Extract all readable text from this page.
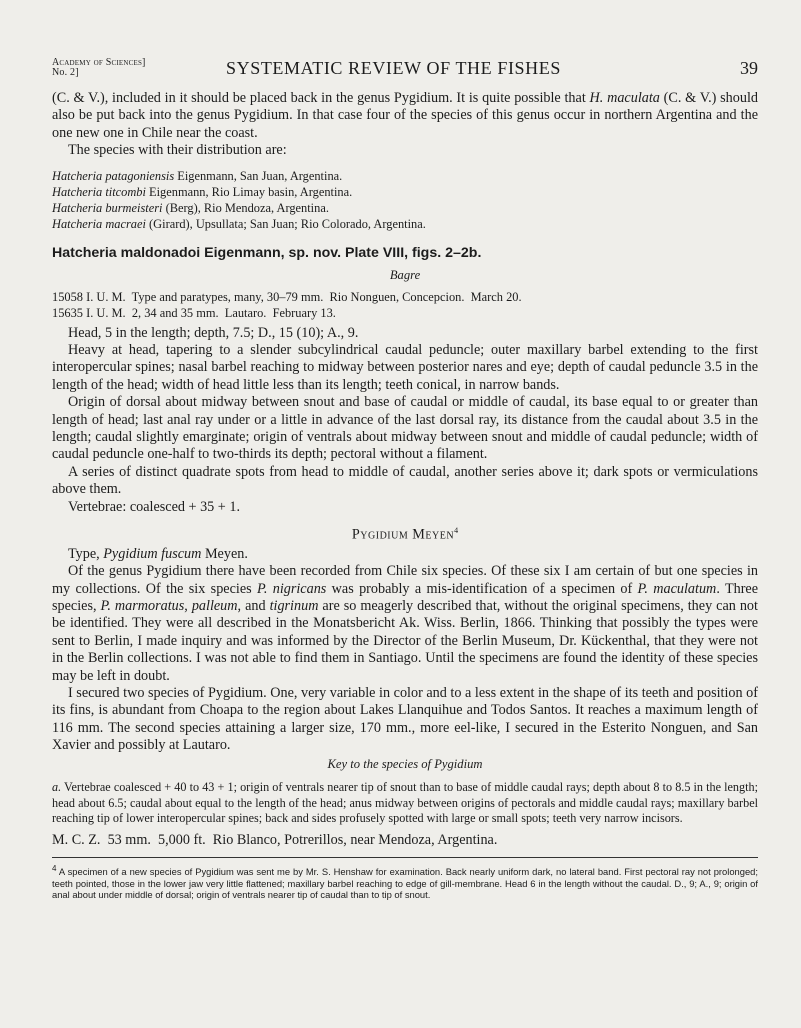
Academy of Sciences]
No. 2]	SYSTEMATIC REVIEW OF THE FISHES	39

(C. & V.), included in it should be placed back in the genus Pygidium. It is quite possible that H. maculata (C. & V.) should also be put back into the genus Pygidium. In that case four of the species of this genus occur in northern Argentina and the one new one in Chile near the coast.

The species with their distribution are:

Hatcheria patagoniensis Eigenmann, San Juan, Argentina.
Hatcheria titcombi Eigenmann, Rio Limay basin, Argentina.
Hatcheria burmeisteri (Berg), Rio Mendoza, Argentina.
Hatcheria macraei (Girard), Upsullata; San Juan; Rio Colorado, Argentina.
Hatcheria maldonadoi Eigenmann, sp. nov. Plate VIII, figs. 2–2b.
Bagre
15058 I. U. M.  Type and paratypes, many, 30–79 mm.  Rio Nonguen, Concepcion.  March 20.
15635 I. U. M.  2, 34 and 35 mm.  Lautaro.  February 13.

Head, 5 in the length; depth, 7.5; D., 15 (10); A., 9.

Heavy at head, tapering to a slender subcylindrical caudal peduncle; outer maxillary barbel extending to the first interopercular spines; nasal barbel reaching to midway between posterior nares and eye; depth of caudal peduncle 3.5 in the length of the head; width of head little less than its length; teeth conical, in narrow bands.

Origin of dorsal about midway between snout and base of caudal or middle of caudal, its base equal to or greater than length of head; last anal ray under or a little in advance of the last dorsal ray, its distance from the caudal about 3.5 in the length; caudal slightly emarginate; origin of ventrals about midway between snout and middle of caudal peduncle; width of caudal peduncle one-half to two-thirds its depth; pectoral without a filament.

A series of distinct quadrate spots from head to middle of caudal, another series above it; dark spots or vermiculations above them.

Vertebrae: coalesced + 35 + 1.

Pygidium Meyen$^4$

Type, Pygidium fuscum Meyen.

Of the genus Pygidium there have been recorded from Chile six species. Of these six I am certain of but one species in my collections. Of the six species P. nigricans was probably a mis-identification of a specimen of P. maculatum. Three species, P. marmoratus, palleum, and tigrinum are so meagerly described that, without the original specimens, they can not be identified. They were all described in the Monatsbericht Ak. Wiss. Berlin, 1866. Thinking that possibly the types were sent to Berlin, I made inquiry and was informed by the Director of the Berlin Museum, Dr. Kückenthal, that they were not in the Berlin collections. I was not able to find them in Santiago. Until the specimens are found the identity of these species may be left in doubt.

I secured two species of Pygidium. One, very variable in color and to a less extent in the shape of its teeth and position of its fins, is abundant from Choapa to the region about Lakes Llanquihue and Todos Santos. It reaches a maximum length of 116 mm. The second species attaining a larger size, 170 mm., more eel-like, I secured in the Esterito Nonguen, and San Xavier and possibly at Lautaro.

Key to the species of Pygidium

a. Vertebrae coalesced + 40 to 43 + 1; origin of ventrals nearer tip of snout than to base of middle caudal rays; depth about 8 to 8.5 in the length; head about 6.5; caudal about equal to the length of the head; anus midway between origins of pectorals and middle caudal rays; maxillary barbel reaching tip of lower interopercular spines; back and sides profusely spotted with large or small spots; teeth very narrow incisors.

M. C. Z.  53 mm.  5,000 ft.  Rio Blanco, Potrerillos, near Mendoza, Argentina.

$^4$ A specimen of a new species of Pygidium was sent me by Mr. S. Henshaw for examination. Back nearly uniform dark, no lateral band. First pectoral ray not prolonged; teeth pointed, those in the lower jaw very little flattened; maxillary barbel reaching to edge of gill-membrane. Head 6 in the length without the caudal. D., 9; A., 9; origin of anal about under middle of dorsal; origin of ventrals nearer tip of caudal than to tip of snout.
